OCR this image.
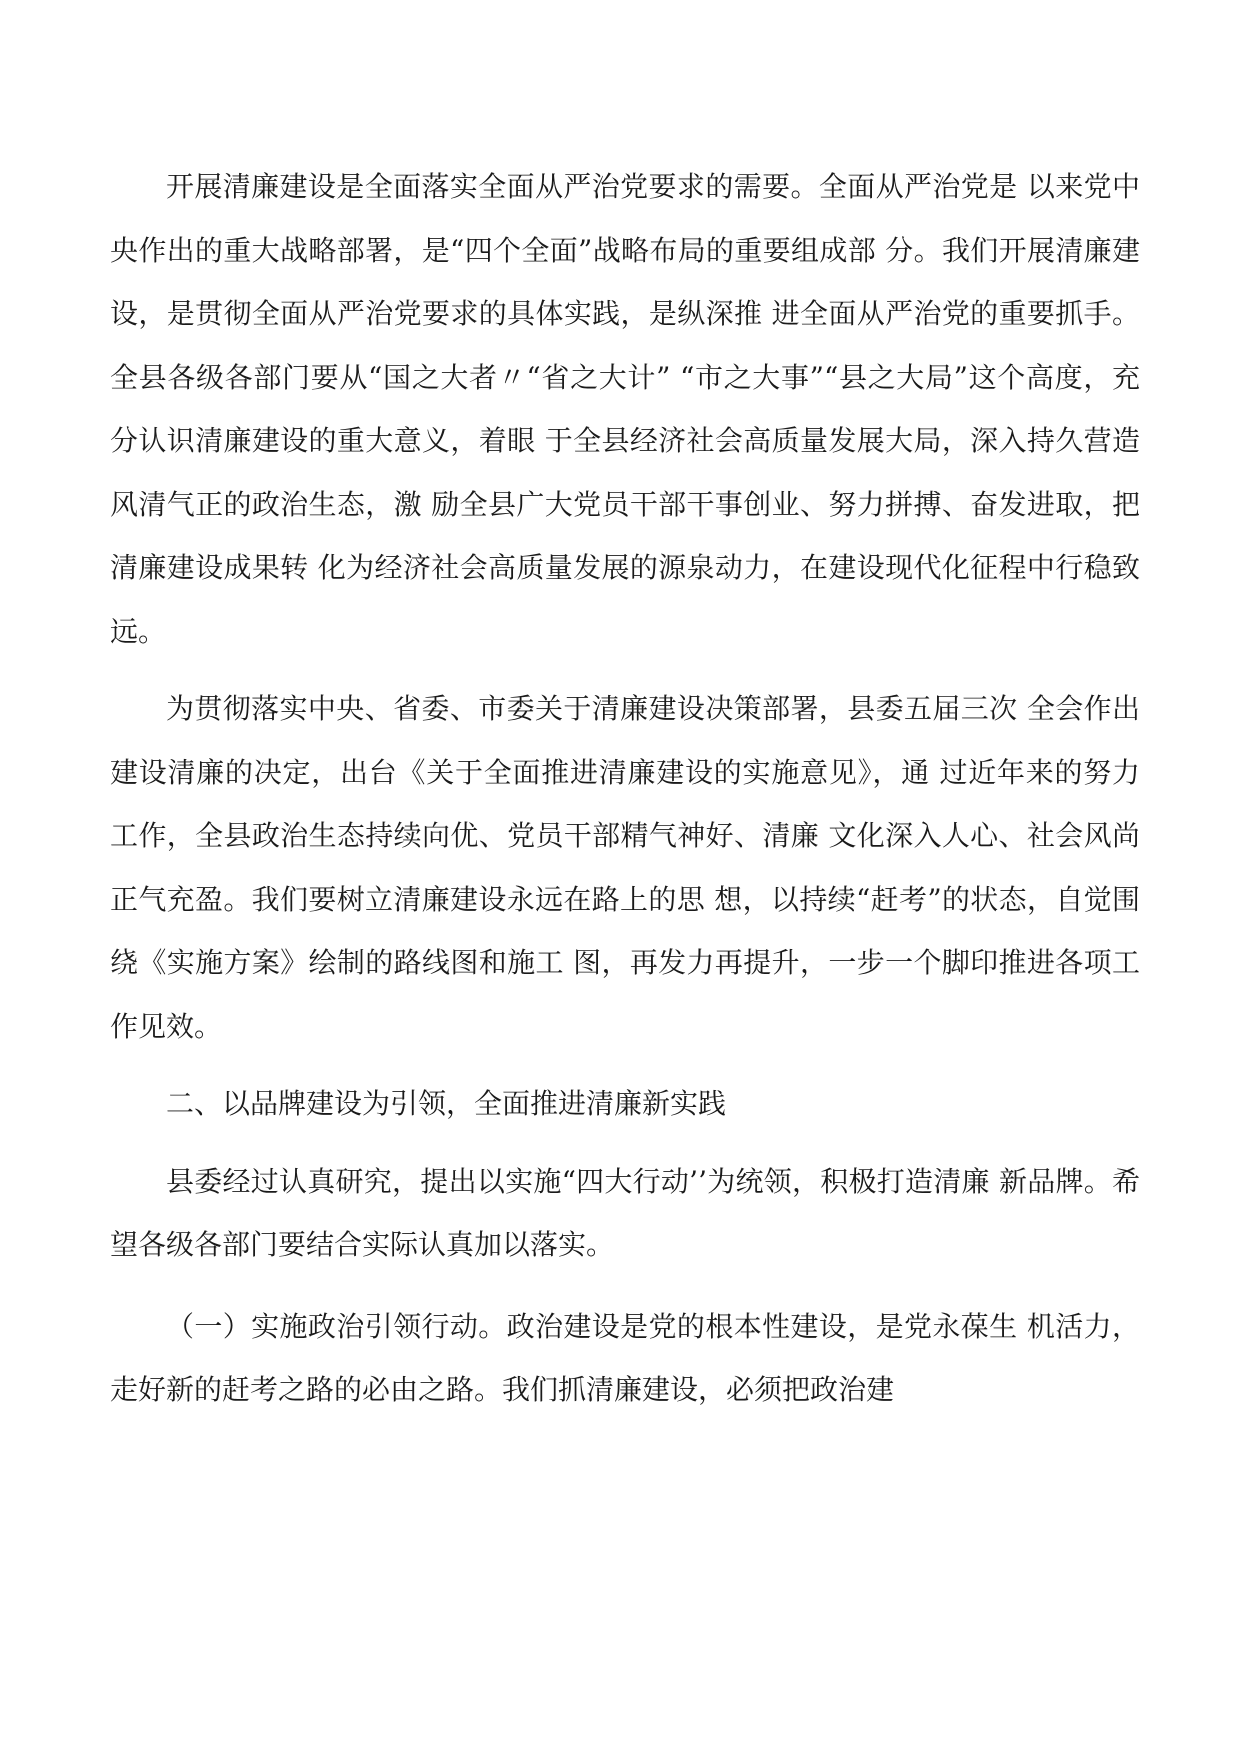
开展清廉建设是全面落实全面从严治党要求的需要。全面从严治党是 以来党中央作出的重大战略部署，是“四个全面”战略布局的重要组成部 分。我们开展清廉建设，是贯彻全面从严治党要求的具体实践，是纵深推 进全面从严治党的重要抓手。全县各级各部门要从“国之大者〃“省之大计” “市之大事”“县之大局”这个高度，充分认识清廉建设的重大意义，着眼 于全县经济社会高质量发展大局，深入持久营造风清气正的政治生态，激 励全县广大党员干部干事创业、努力拼搏、奋发进取，把清廉建设成果转 化为经济社会高质量发展的源泉动力，在建设现代化征程中行稳致远。

为贯彻落实中央、省委、市委关于清廉建设决策部署，县委五届三次 全会作出建设清廉的决定，出台《关于全面推进清廉建设的实施意见》，通 过近年来的努力工作，全县政治生态持续向优、党员干部精气神好、清廉 文化深入人心、社会风尚正气充盈。我们要树立清廉建设永远在路上的思 想，以持续“赶考”的状态，自觉围绕《实施方案》绘制的路线图和施工 图，再发力再提升，一步一个脚印推进各项工作见效。

二、以品牌建设为引领，全面推进清廉新实践

县委经过认真研究，提出以实施“四大行动’’为统领，积极打造清廉 新品牌。希望各级各部门要结合实际认真加以落实。

（一）实施政治引领行动。政治建设是党的根本性建设，是党永葆生 机活力，走好新的赶考之路的必由之路。我们抓清廉建设，必须把政治建
